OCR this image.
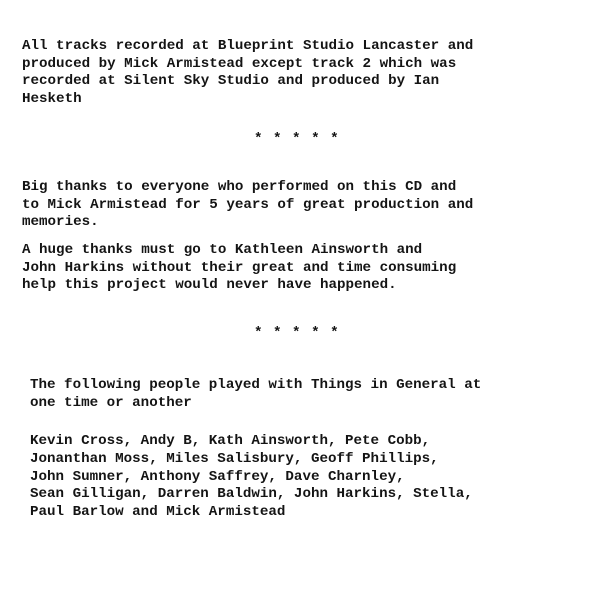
All tracks recorded at Blueprint Studio Lancaster and
produced by Mick Armistead except track 2 which was
recorded at Silent Sky Studio and produced by Ian
Hesketh

* * * * *

Big thanks to everyone who performed on this CD and
to Mick Armistead for 5 years of great production and
memories.

A huge thanks must go to Kathleen Ainsworth and
John Harkins without their great and time consuming
help this project would never have happened.

* * * * *

The following people played with Things in General at
one time or another

Kevin Cross, Andy B, Kath Ainsworth, Pete Cobb,
Jonanthan Moss, Miles Salisbury, Geoff Phillips,
John Sumner, Anthony Saffrey, Dave Charnley,
Sean Gilligan, Darren Baldwin, John Harkins, Stella,
Paul Barlow and Mick Armistead
